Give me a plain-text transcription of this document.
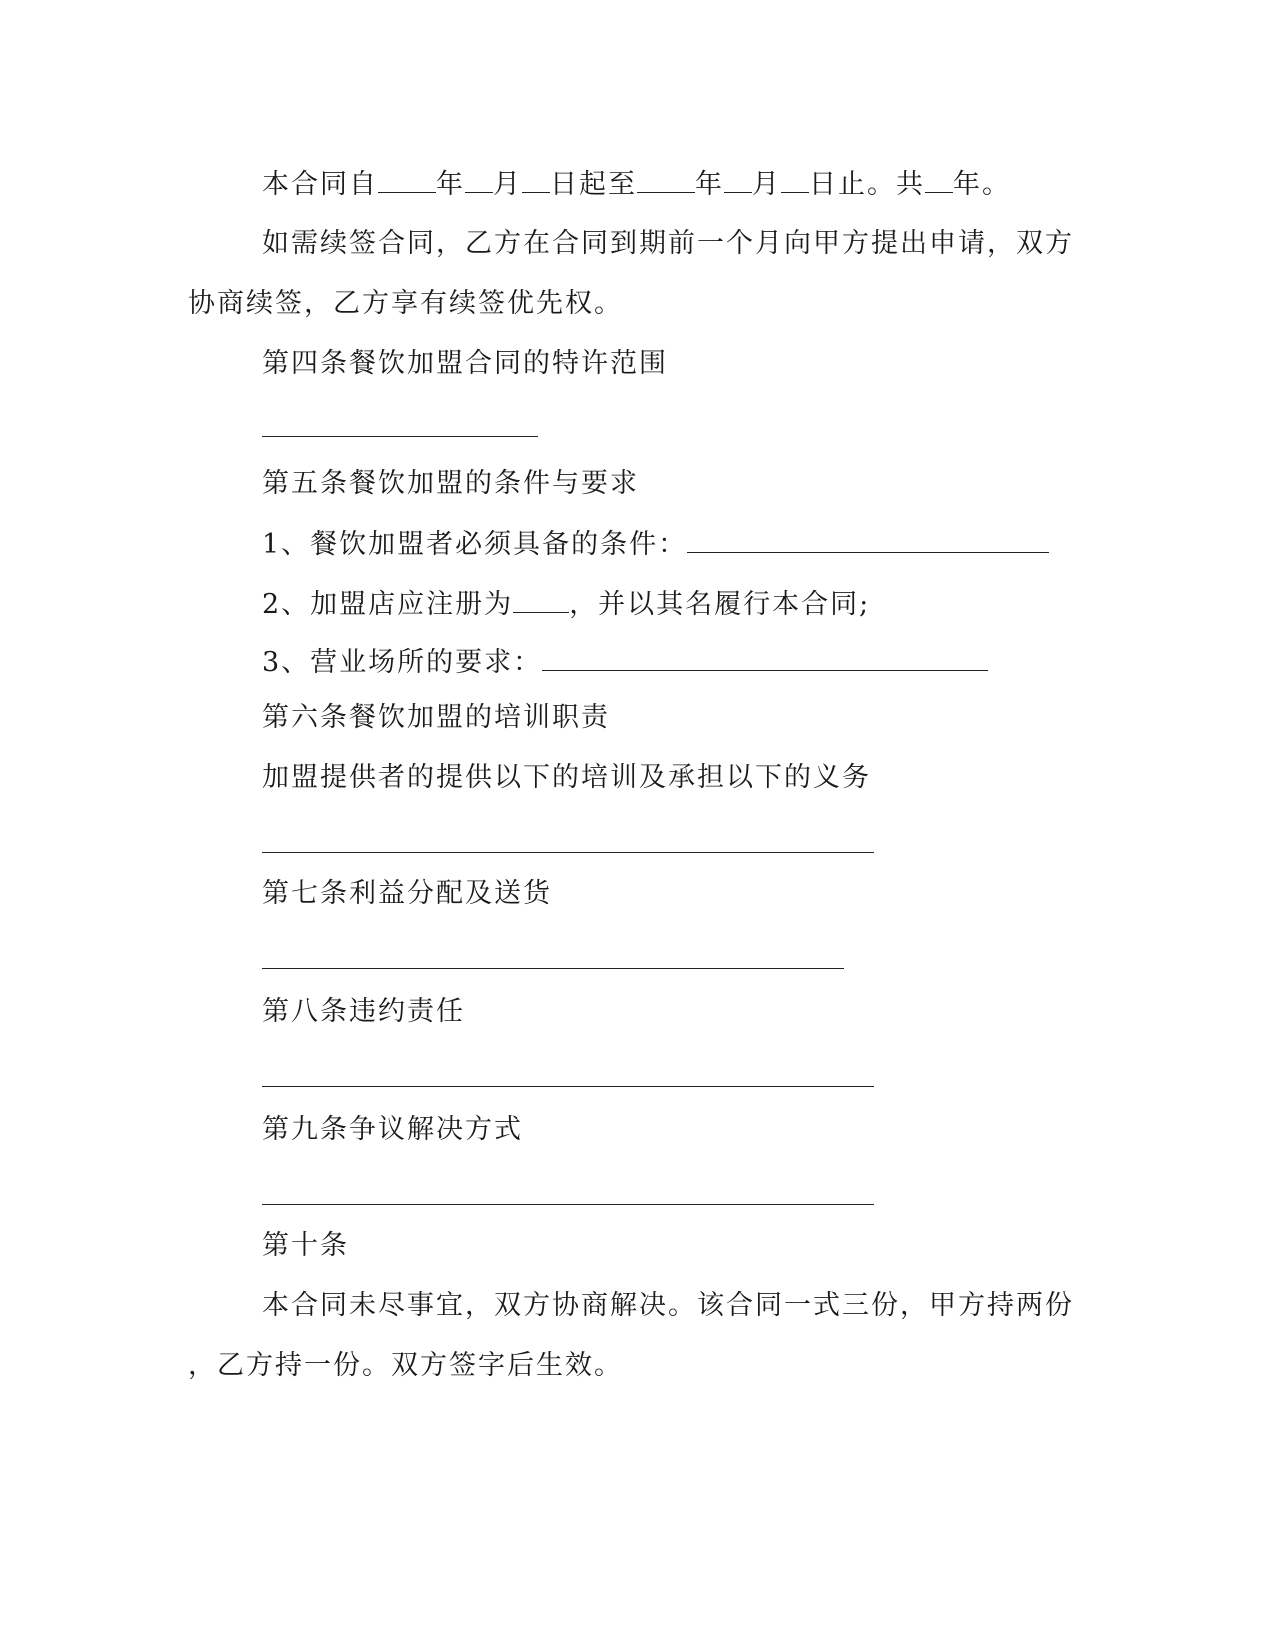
本合同自 年 月 日起至 年 月 日止。共 年。
如需续签合同，乙方在合同到期前一个月向甲方提出申请，双方
协商续签，乙方享有续签优先权。
第四条餐饮加盟合同的特许范围
第五条餐饮加盟的条件与要求
1、餐饮加盟者必须具备的条件：
2、加盟店应注册为 ，并以其名履行本合同;
3、营业场所的要求：
第六条餐饮加盟的培训职责
加盟提供者的提供以下的培训及承担以下的义务
第七条利益分配及送货
第八条违约责任
第九条争议解决方式
第十条
本合同未尽事宜，双方协商解决。该合同一式三份，甲方持两份
，乙方持一份。双方签字后生效。
